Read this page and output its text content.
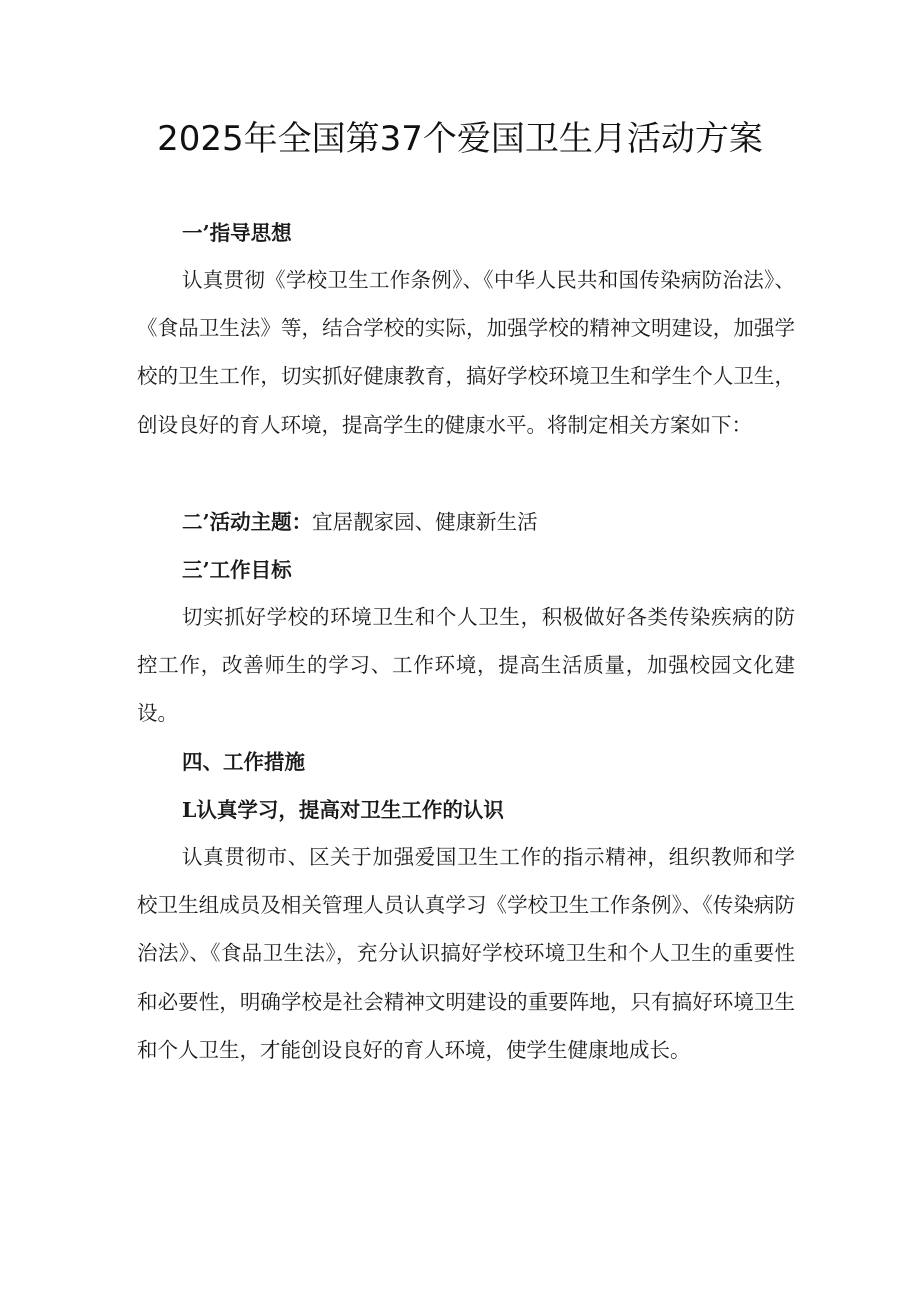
2025年全国第37个爱国卫生月活动方案

一’指导思想

认真贯彻《学校卫生工作条例》、《中华人民共和国传染病防治法》、《食品卫生法》等，结合学校的实际，加强学校的精神文明建设，加强学校的卫生工作，切实抓好健康教育，搞好学校环境卫生和学生个人卫生，创设良好的育人环境，提高学生的健康水平。将制定相关方案如下：

二’活动主题：宜居靓家园、健康新生活

三’工作目标

切实抓好学校的环境卫生和个人卫生，积极做好各类传染疾病的防控工作，改善师生的学习、工作环境，提高生活质量，加强校园文化建设。

四、工作措施

L认真学习，提高对卫生工作的认识

认真贯彻市、区关于加强爱国卫生工作的指示精神，组织教师和学校卫生组成员及相关管理人员认真学习《学校卫生工作条例》、《传染病防治法》、《食品卫生法》，充分认识搞好学校环境卫生和个人卫生的重要性和必要性，明确学校是社会精神文明建设的重要阵地，只有搞好环境卫生和个人卫生，才能创设良好的育人环境，使学生健康地成长。
